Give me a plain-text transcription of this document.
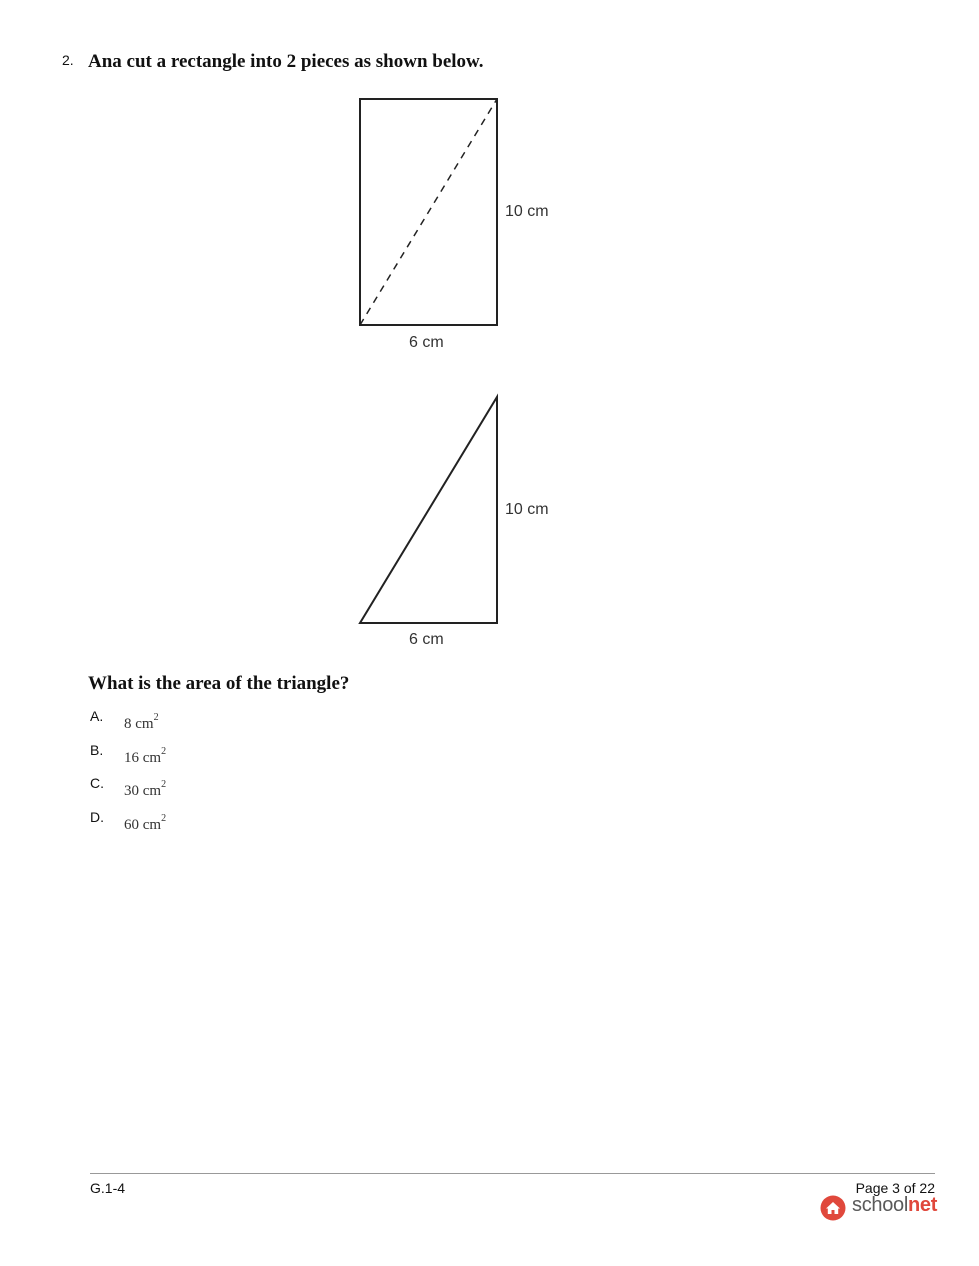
2. Ana cut a rectangle into 2 pieces as shown below.
10 cm
6 cm
10 cm
6 cm
What is the area of the triangle?
A. 8 $cm^2$
B. 16 $cm^2$
C. 30 $cm^2$
D. 60 $cm^2$
G.1-4	Page 3 of 22
schoolnet
